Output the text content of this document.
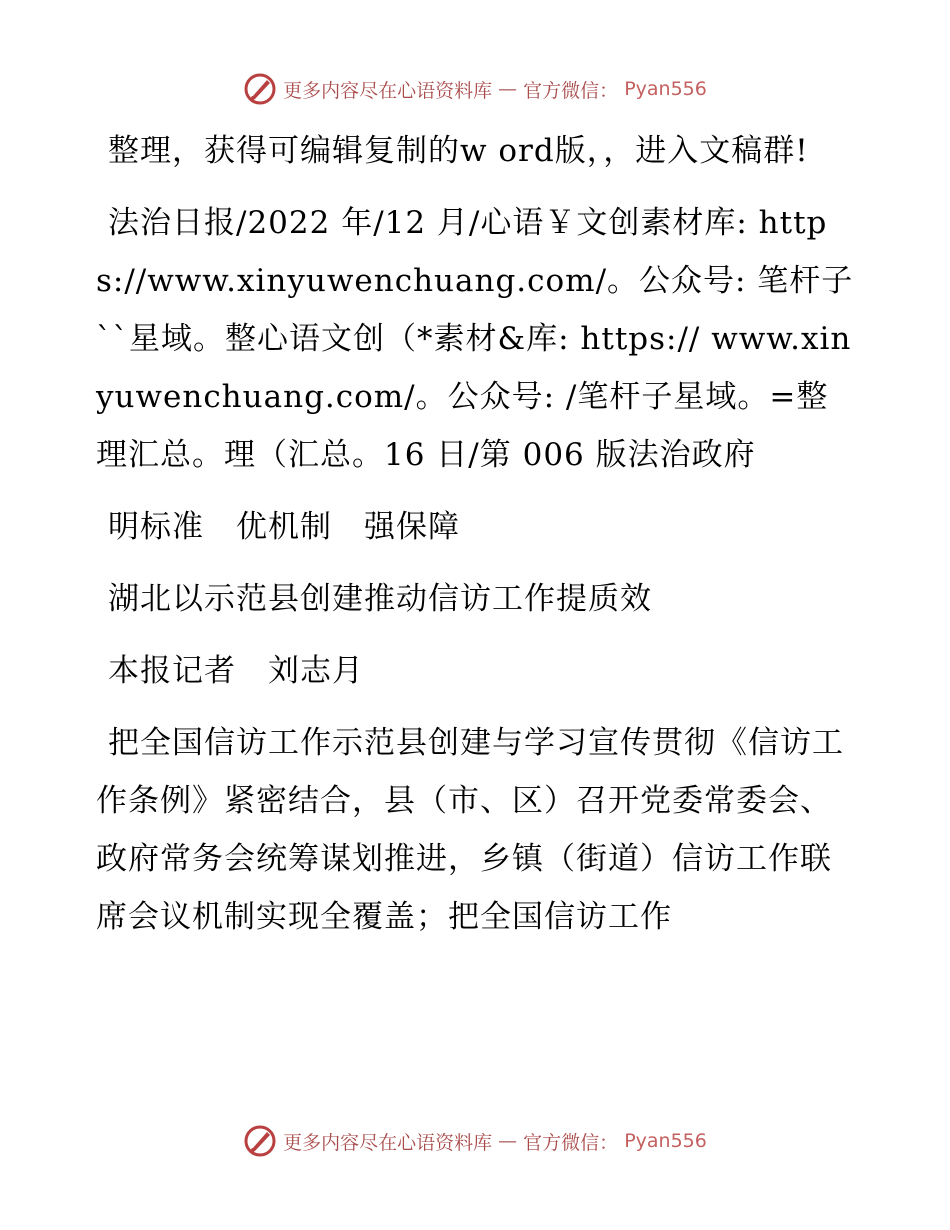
更多内容尽在心语资料库 — 官方微信： Pyan556

整理，获得可编辑复制的w ord版，，进入文稿群!

法治日报/2022 年/12 月/心语￥文创素材库: https://www.xinyuwenchuang.com/。公众号: 笔杆子``星域。整心语文创（*素材&库: https:// www.xinyuwenchuang.com/。公众号: /笔杆子星域。=整理汇总。理（汇总。16 日/第 006 版法治政府

明标准　优机制　强保障

湖北以示范县创建推动信访工作提质效

本报记者　刘志月

把全国信访工作示范县创建与学习宣传贯彻《信访工作条例》紧密结合，县（市、区）召开党委常委会、政府常务会统筹谋划推进，乡镇（街道）信访工作联席会议机制实现全覆盖；把全国信访工作

更多内容尽在心语资料库 — 官方微信： Pyan556
